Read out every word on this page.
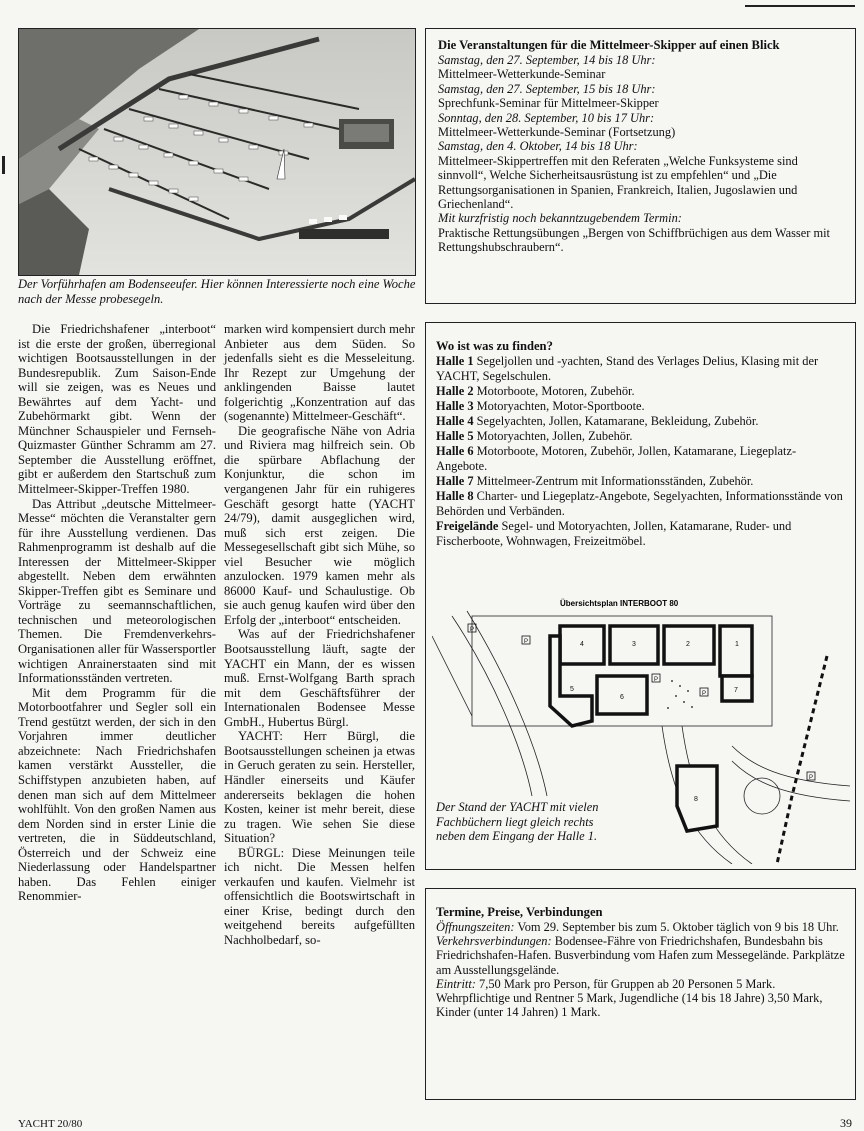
Der Vorführhafen am Bodenseeufer. Hier können Interessierte noch eine Woche nach der Messe probesegeln.
Die Veranstaltungen für die Mittelmeer-Skipper auf einen Blick
Samstag, den 27. September, 14 bis 18 Uhr:
Mittelmeer-Wetterkunde-Seminar
Samstag, den 27. September, 15 bis 18 Uhr:
Sprechfunk-Seminar für Mittelmeer-Skipper
Sonntag, den 28. September, 10 bis 17 Uhr:
Mittelmeer-Wetterkunde-Seminar (Fortsetzung)
Samstag, den 4. Oktober, 14 bis 18 Uhr:
Mittelmeer-Skippertreffen mit den Referaten „Welche Funksysteme sind sinnvoll“, Welche Sicherheitsausrüstung ist zu empfehlen“ und „Die Rettungsorganisationen in Spanien, Frankreich, Italien, Jugoslawien und Griechenland“.
Mit kurzfristig noch bekanntzugebendem Termin:
Praktische Rettungsübungen „Bergen von Schiffbrüchigen aus dem Wasser mit Rettungshubschraubern“.

Die Friedrichshafener „interboot“ ist die erste der großen, überregional wichtigen Bootsausstellungen in der Bundesrepublik. Zum Saison-Ende will sie zeigen, was es Neues und Bewährtes auf dem Yacht- und Zubehörmarkt gibt. Wenn der Münchner Schauspieler und Fernseh-Quizmaster Günther Schramm am 27. September die Ausstellung eröffnet, gibt er außerdem den Startschuß zum Mittelmeer-Skipper-Treffen 1980.

Das Attribut „deutsche Mittelmeer-Messe“ möchten die Veranstalter gern für ihre Ausstellung verdienen. Das Rahmenprogramm ist deshalb auf die Interessen der Mittelmeer-Skipper abgestellt. Neben dem erwähnten Skipper-Treffen gibt es Seminare und Vorträge zu seemannschaftlichen, technischen und meteorologischen Themen. Die Fremdenverkehrs-Organisationen aller für Wassersportler wichtigen Anrainerstaaten sind mit Informationsständen vertreten.

Mit dem Programm für die Motorbootfahrer und Segler soll ein Trend gestützt werden, der sich in den Vorjahren immer deutlicher abzeichnete: Nach Friedrichshafen kamen verstärkt Aussteller, die Schiffstypen anzubieten haben, auf denen man sich auf dem Mittelmeer wohlfühlt. Von den großen Namen aus dem Norden sind in erster Linie die vertreten, die in Süddeutschland, Österreich und der Schweiz eine Niederlassung oder Handelspartner haben. Das Fehlen einiger Renommier-

marken wird kompensiert durch mehr Anbieter aus dem Süden. So jedenfalls sieht es die Messeleitung. Ihr Rezept zur Umgehung der anklingenden Baisse lautet folgerichtig „Konzentration auf das (sogenannte) Mittelmeer-Geschäft“.

Die geografische Nähe von Adria und Riviera mag hilfreich sein. Ob die spürbare Abflachung der Konjunktur, die schon im vergangenen Jahr für ein ruhigeres Geschäft gesorgt hatte (YACHT 24/79), damit ausgeglichen wird, muß sich erst zeigen. Die Messegesellschaft gibt sich Mühe, so viel Besucher wie möglich anzulocken. 1979 kamen mehr als 86000 Kauf- und Schaulustige. Ob sie auch genug kaufen wird über den Erfolg der „interboot“ entscheiden.

Was auf der Friedrichshafener Bootsausstellung läuft, sagte der YACHT ein Mann, der es wissen muß. Ernst-Wolfgang Barth sprach mit dem Geschäftsführer der Internationalen Bodensee Messe GmbH., Hubertus Bürgl.

YACHT: Herr Bürgl, die Bootsausstellungen scheinen ja etwas in Geruch geraten zu sein. Hersteller, Händler einerseits und Käufer andererseits beklagen die hohen Kosten, keiner ist mehr bereit, diese zu tragen. Wie sehen Sie diese Situation?

BÜRGL: Diese Meinungen teile ich nicht. Die Messen helfen verkaufen und kaufen. Vielmehr ist offensichtlich die Bootswirtschaft in einer Krise, bedingt durch den weitgehend bereits aufgefüllten Nachholbedarf, so-

Wo ist was zu finden?
Halle 1 Segeljollen und -yachten, Stand des Verlages Delius, Klasing mit der YACHT, Segelschulen.
Halle 2 Motorboote, Motoren, Zubehör.
Halle 3 Motoryachten, Motor-Sportboote.
Halle 4 Segelyachten, Jollen, Katamarane, Bekleidung, Zubehör.
Halle 5 Motoryachten, Jollen, Zubehör.
Halle 6 Motorboote, Motoren, Zubehör, Jollen, Katamarane, Liegeplatz-Angebote.
Halle 7 Mittelmeer-Zentrum mit Informationsständen, Zubehör.
Halle 8 Charter- und Liegeplatz-Angebote, Segelyachten, Informationsstände von Behörden und Verbänden.
Freigelände Segel- und Motoryachten, Jollen, Katamarane, Ruder- und Fischerboote, Wohnwagen, Freizeitmöbel.
Übersichtsplan INTERBOOT 80
1
2
3
4
5
6
7
8
P
P
P
P
P
Der Stand der YACHT mit vielen Fachbüchern liegt gleich rechts neben dem Eingang der Halle 1.
Termine, Preise, Verbindungen
Öffnungszeiten: Vom 29. September bis zum 5. Oktober täglich von 9 bis 18 Uhr.
Verkehrsverbindungen: Bodensee-Fähre von Friedrichshafen, Bundesbahn bis Friedrichshafen-Hafen. Busverbindung vom Hafen zum Messegelände. Parkplätze am Ausstellungsgelände.
Eintritt: 7,50 Mark pro Person, für Gruppen ab 20 Personen 5 Mark. Wehrpflichtige und Rentner 5 Mark, Jugendliche (14 bis 18 Jahre) 3,50 Mark, Kinder (unter 14 Jahren) 1 Mark.
YACHT 20/80	39
